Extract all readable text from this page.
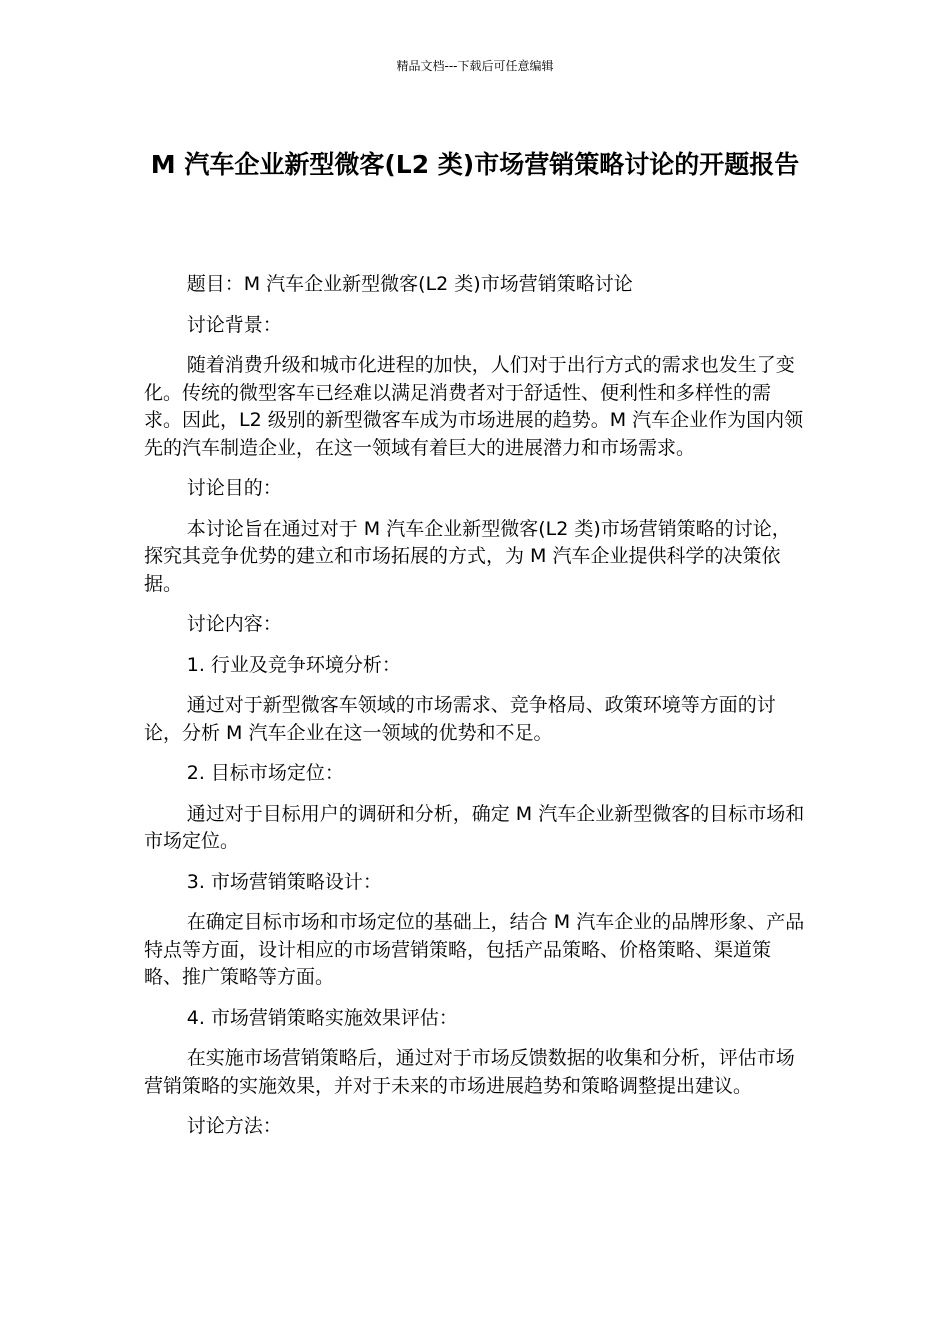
精品文档---下载后可任意编辑
M 汽车企业新型微客(L2 类)市场营销策略讨论的开题报告

题目：M 汽车企业新型微客(L2 类)市场营销策略讨论

讨论背景：

随着消费升级和城市化进程的加快，人们对于出行方式的需求也发生了变化。传统的微型客车已经难以满足消费者对于舒适性、便利性和多样性的需求。因此，L2 级别的新型微客车成为市场进展的趋势。M 汽车企业作为国内领先的汽车制造企业，在这一领域有着巨大的进展潜力和市场需求。

讨论目的：

本讨论旨在通过对于 M 汽车企业新型微客(L2 类)市场营销策略的讨论，探究其竞争优势的建立和市场拓展的方式，为 M 汽车企业提供科学的决策依据。

讨论内容：

1. 行业及竞争环境分析：

通过对于新型微客车领域的市场需求、竞争格局、政策环境等方面的讨论，分析 M 汽车企业在这一领域的优势和不足。

2. 目标市场定位：

通过对于目标用户的调研和分析，确定 M 汽车企业新型微客的目标市场和市场定位。

3. 市场营销策略设计：

在确定目标市场和市场定位的基础上，结合 M 汽车企业的品牌形象、产品特点等方面，设计相应的市场营销策略，包括产品策略、价格策略、渠道策略、推广策略等方面。

4. 市场营销策略实施效果评估：

在实施市场营销策略后，通过对于市场反馈数据的收集和分析，评估市场营销策略的实施效果，并对于未来的市场进展趋势和策略调整提出建议。

讨论方法：
